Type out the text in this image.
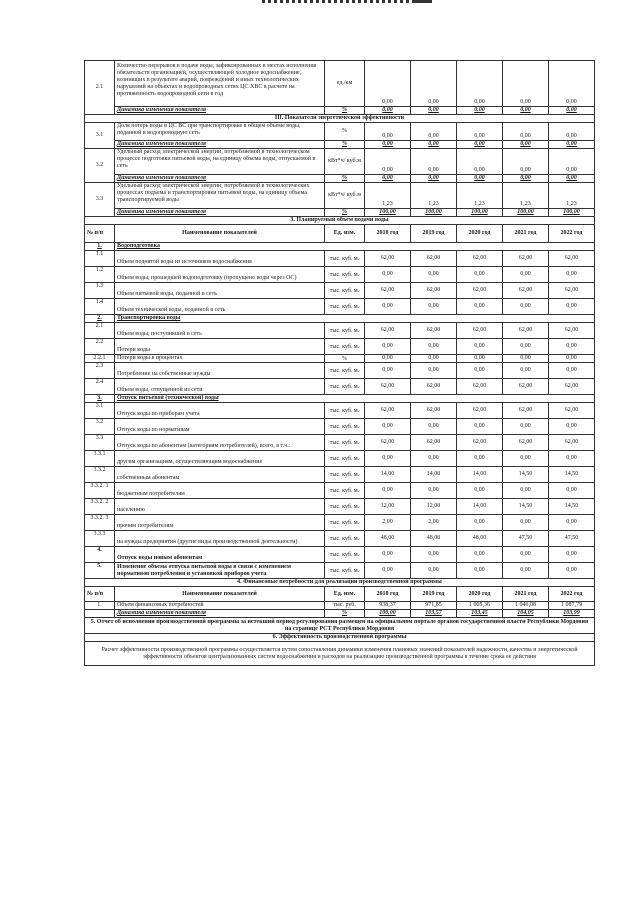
2.1	Количество перерывов в подаче воды, зафиксированных в местах исполнения обязательств организацией, осуществляющей холодное водоснабжение, возникших в результате аварий, повреждений и иных технологических нарушений на объектах и водопроводных сетях ЦС ХВС в расчете на протяженность водопроводной сети в год	ед./км	0,00	0,00	0,00	0,00	0,00
	Динамика изменения показателя	%	0,00	0,00	0,00	0,00	0,00
III. Показатели энергетической эффективности							
3.1	Доля потерь воды в ЦС ВС при транспортировке в общем объеме воды, поданной в водопроводную сеть	%	0,00	0,00	0,00	0,00	0,00
	Динамика изменения показателя	%	0,00	0,00	0,00	0,00	0,00
3.2	Удельный расход электрической энергии, потребляемой в технологическом процессе подготовки питьевой воды, на единицу объема воды, отпускаемой в сеть	кВт*ч/ куб.м	0,00	0,00	0,00	0,00	0,00
	Динамика изменения показателя	%	0,00	0,00	0,00	0,00	0,00
3.3	Удельный расход электрической энергии, потребляемой в технологических процессах подъема и транспортировки питьевой воды, на единицу объема транспортируемой воды	кВт*ч/ куб.м	1,23	1,23	1,23	1,23	1,23
	Динамика изменения показателя	%	100,00	100,00	100,00	100,00	100,00
3. Планируемый объем подачи воды							
№ п/п	Наименование показателей	Ед. изм.	2018 год	2019 год	2020 год	2021 год	2022 год
1.	Водоподготовка						
1.1	Объем поднятой воды из источников водоснабжения	тыс. куб. м.	62,00	62,00	62,00	62,00	62,00
1.2	Объем воды, прошедшей водоподготовку (пропущено воды через ОС)	тыс. куб. м.	0,00	0,00	0,00	0,00	0,00
1.3	Объем питьевой воды, поданной в сеть	тыс. куб. м.	62,00	62,00	62,00	62,00	62,00
1.4	Объем технической воды, поданной в сеть	тыс. куб. м.	0,00	0,00	0,00	0,00	0,00
2.	Транспортировка воды						
2.1	Объем воды, поступившей в сеть	тыс. куб. м.	62,00	62,00	62,00	62,00	62,00
2.2	Потери воды	тыс. куб. м.	0,00	0,00	0,00	0,00	0,00
2.2.1	Потери воды в процентах	%	0,00	0,00	0,00	0,00	0,00
2.3	Потребление на собственные нужды	тыс. куб. м.	0,00	0,00	0,00	0,00	0,00
2.4	Объем воды, отпущенной из сети	тыс. куб. м.	62,00	62,00	62,00	62,00	62,00
3.	Отпуск питьевой (технической) воды						
3.1	Отпуск воды по приборам учета	тыс. куб. м.	62,00	62,00	62,00	62,00	62,00
3.2	Отпуск воды по нормативам	тыс. куб. м.	0,00	0,00	0,00	0,00	0,00
3.3	Отпуск воды по абонентам (категориям потребителей), всего, в т.ч.:	тыс. куб. м.	62,00	62,00	62,00	62,00	62,00
3.3.1	другим организациям, осуществляющим водоснабжение	тыс. куб. м.	0,00	0,00	0,00	0,00	0,00
3.3.2	собственным абонентам	тыс. куб. м.	14,00	14,00	14,00	14,50	14,50
3.3.2. 1	бюджетным потребителям	тыс. куб. м.	0,00	0,00	0,00	0,00	0,00
3.3.2. 2	населению	тыс. куб. м.	12,00	12,00	14,00	14,50	14,50
3.3.2. 3	прочим потребителям	тыс. куб. м.	2,00	2,00	0,00	0,00	0,00
3.3.3	на нужды предприятия (другие виды производственной деятельности)	тыс. куб. м.	48,00	48,00	48,00	47,50	47,50
4.	Отпуск воды новым абонентам	тыс. куб. м.	0,00	0,00	0,00	0,00	0,00
5.	Изменение объема отпуска питьевой воды в связи с изменением нормативов потребления и установкой приборов учета	тыс. куб. м.	0,00	0,00	0,00	0,00	0,00
4. Финансовые потребности для реализации производственной программы							
№ п/п	Наименование показателей	Ед. изм.	2018 год	2019 год	2020 год	2021 год	2022 год
1.	Объем финансовых потребностей	тыс. руб.	938,37	971,85	1 005,36	1 046,08	1 087,79
	Динамика изменения показателя	%	100,00	103,57	103,45	104,05	103,99
5. Отчет об исполнении производственной программы за истекший период регулирования размещен на официальном портале органов государственной власти Республики Мордовия на странице РСТ Республики Мордовия							
6. Эффективность производственной программы							
Расчет эффективности производственной программы осуществляется путем сопоставления динамики изменения плановых значений показателей надежности, качества и энергетической эффективности объектов централизованных систем водоснабжения и расходов на реализацию производственной программы в течение срока ее действия							
